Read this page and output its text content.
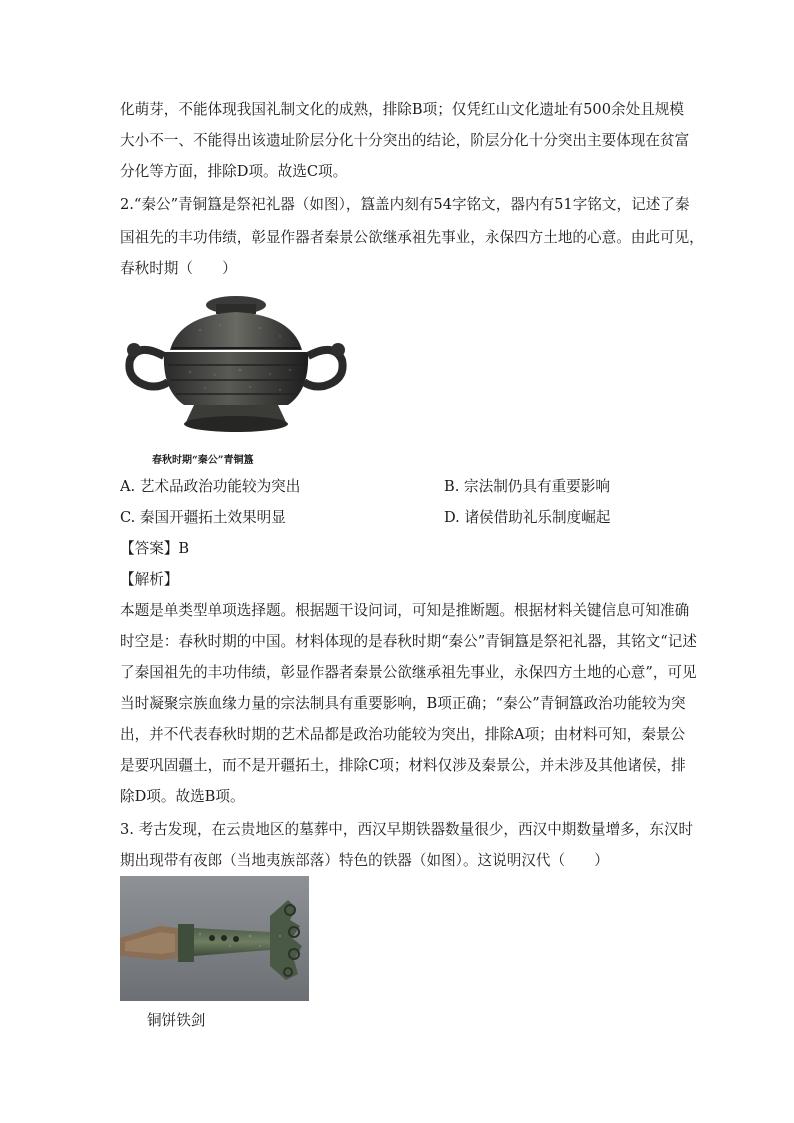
化萌芽，不能体现我国礼制文化的成熟，排除B项；仅凭红山文化遗址有500余处且规模
大小不一、不能得出该遗址阶层分化十分突出的结论，阶层分化十分突出主要体现在贫富
分化等方面，排除D项。故选C项。
2.“秦公”青铜簋是祭祀礼器（如图），簋盖内刻有54字铭文，器内有51字铭文，记述了秦
国祖先的丰功伟绩，彰显作器者秦景公欲继承祖先事业，永保四方土地的心意。由此可见，
春秋时期（　　）
春秋时期“秦公”青铜簋
A. 艺术品政治功能较为突出	B. 宗法制仍具有重要影响
C. 秦国开疆拓土效果明显	D. 诸侯借助礼乐制度崛起
【答案】B
【解析】
本题是单类型单项选择题。根据题干设问词，可知是推断题。根据材料关键信息可知准确
时空是：春秋时期的中国。材料体现的是春秋时期“秦公”青铜簋是祭祀礼器，其铭文“记述
了秦国祖先的丰功伟绩，彰显作器者秦景公欲继承祖先事业，永保四方土地的心意”，可见
当时凝聚宗族血缘力量的宗法制具有重要影响，B项正确；“秦公”青铜簋政治功能较为突
出，并不代表春秋时期的艺术品都是政治功能较为突出，排除A项；由材料可知，秦景公
是要巩固疆土，而不是开疆拓土，排除C项；材料仅涉及秦景公，并未涉及其他诸侯，排
除D项。故选B项。
3. 考古发现，在云贵地区的墓葬中，西汉早期铁器数量很少，西汉中期数量增多，东汉时
期出现带有夜郎（当地夷族部落）特色的铁器（如图）。这说明汉代（　　）
铜饼铁剑
